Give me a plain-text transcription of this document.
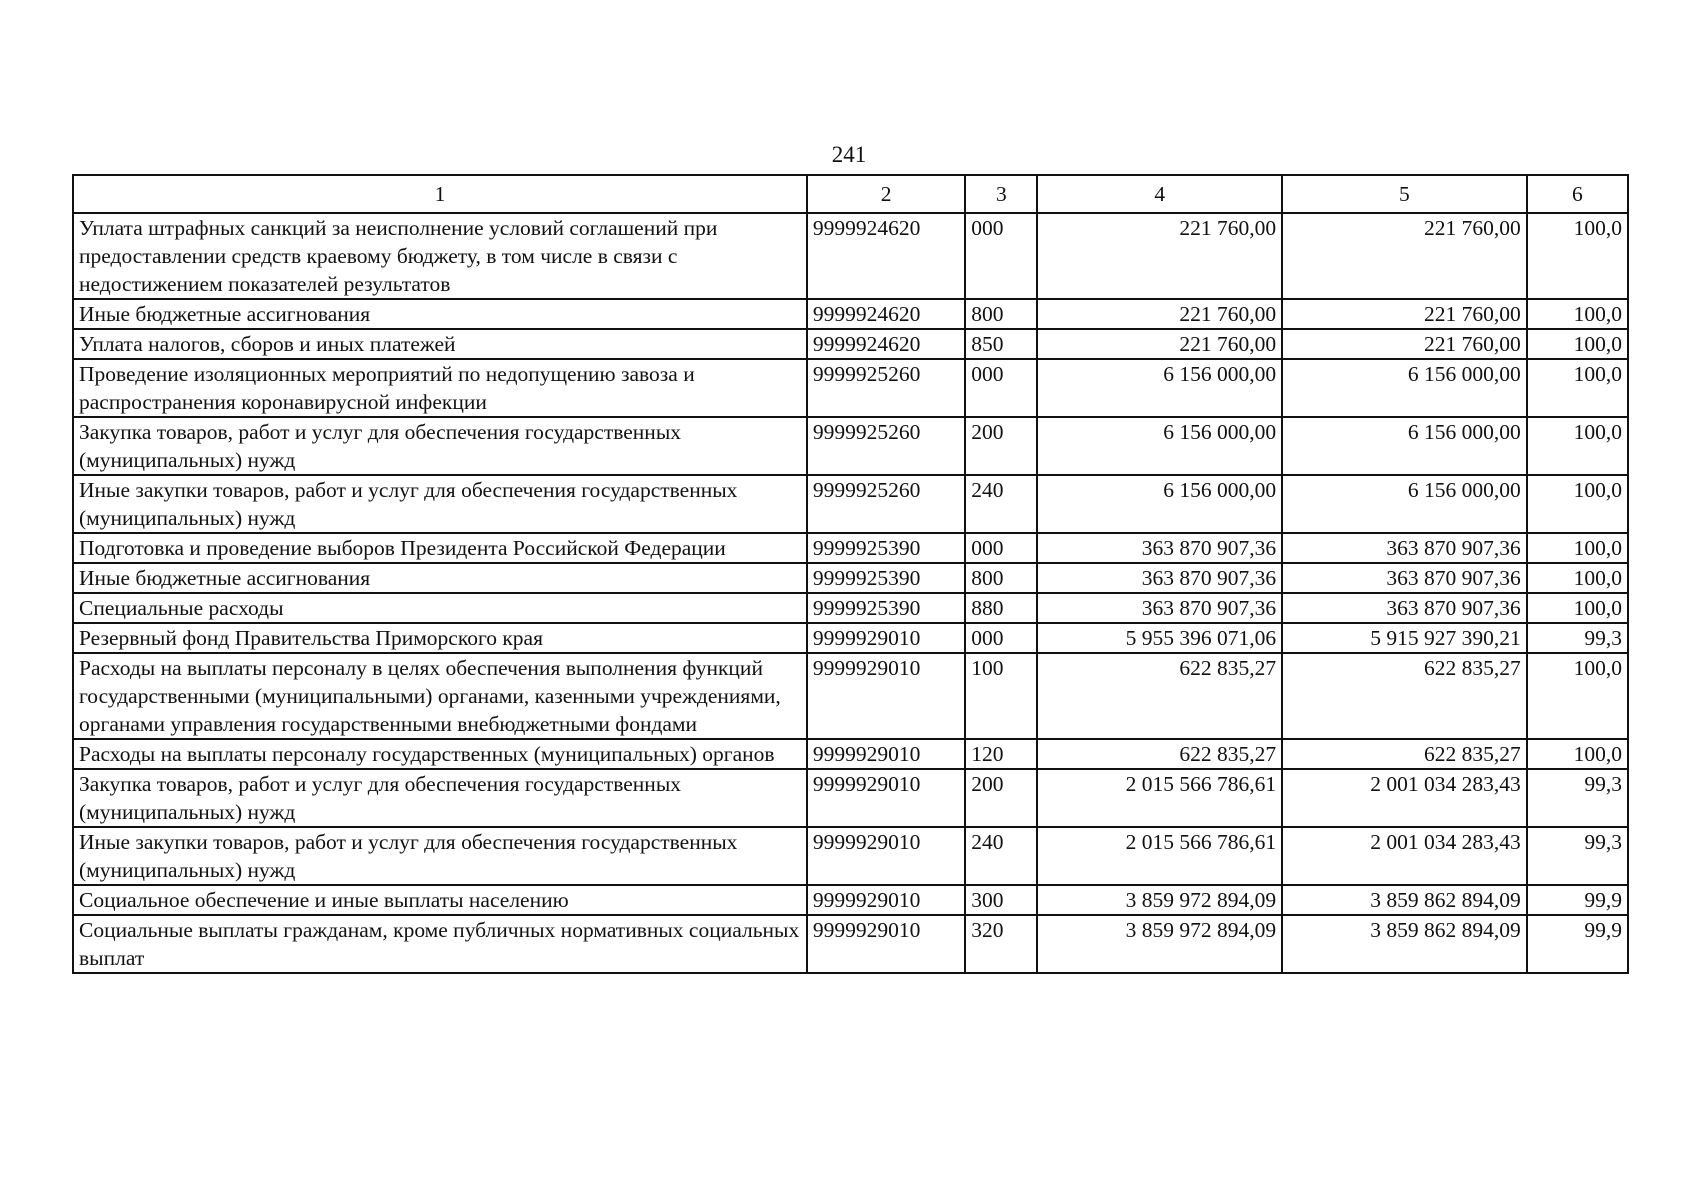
241
1	2	3	4	5	6
Уплата штрафных санкций за неисполнение условий соглашений при предоставлении средств краевому бюджету, в том числе в связи с недостижением показателей результатов	9999924620	000	221 760,00	221 760,00	100,0
Иные бюджетные ассигнования	9999924620	800	221 760,00	221 760,00	100,0
Уплата налогов, сборов и иных платежей	9999924620	850	221 760,00	221 760,00	100,0
Проведение изоляционных мероприятий по недопущению завоза и распространения коронавирусной инфекции	9999925260	000	6 156 000,00	6 156 000,00	100,0
Закупка товаров, работ и услуг для обеспечения государственных (муниципальных) нужд	9999925260	200	6 156 000,00	6 156 000,00	100,0
Иные закупки товаров, работ и услуг для обеспечения государственных (муниципальных) нужд	9999925260	240	6 156 000,00	6 156 000,00	100,0
Подготовка и проведение выборов Президента Российской Федерации	9999925390	000	363 870 907,36	363 870 907,36	100,0
Иные бюджетные ассигнования	9999925390	800	363 870 907,36	363 870 907,36	100,0
Специальные расходы	9999925390	880	363 870 907,36	363 870 907,36	100,0
Резервный фонд Правительства Приморского края	9999929010	000	5 955 396 071,06	5 915 927 390,21	99,3
Расходы на выплаты персоналу в целях обеспечения выполнения функций государственными (муниципальными) органами, казенными учреждениями, органами управления государственными внебюджетными фондами	9999929010	100	622 835,27	622 835,27	100,0
Расходы на выплаты персоналу государственных (муниципальных) органов	9999929010	120	622 835,27	622 835,27	100,0
Закупка товаров, работ и услуг для обеспечения государственных (муниципальных) нужд	9999929010	200	2 015 566 786,61	2 001 034 283,43	99,3
Иные закупки товаров, работ и услуг для обеспечения государственных (муниципальных) нужд	9999929010	240	2 015 566 786,61	2 001 034 283,43	99,3
Социальное обеспечение и иные выплаты населению	9999929010	300	3 859 972 894,09	3 859 862 894,09	99,9
Социальные выплаты гражданам, кроме публичных нормативных социальных выплат	9999929010	320	3 859 972 894,09	3 859 862 894,09	99,9
